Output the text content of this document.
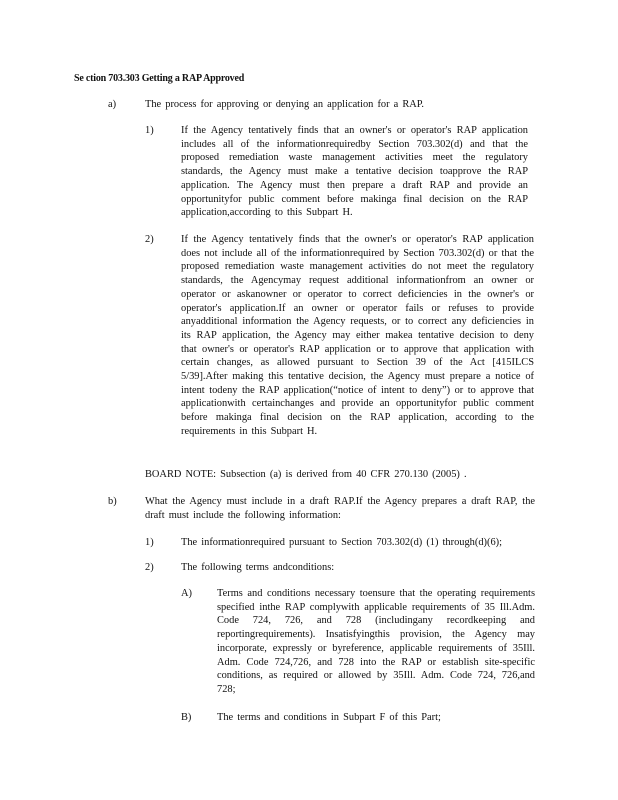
Se ction 703.303 Getting a RAP Approved
a)	The process for approving or denying an application for a RAP.
1)	If the Agency tentatively finds that an owner's or operator's RAP application includes all of the informationrequiredby Section 703.302(d) and that the proposed remediation waste management activities meet the regulatory standards, the Agency must make a tentative decision toapprove the RAP application. The Agency must then prepare a draft RAP and provide an opportunityfor public comment before makinga final decision on the RAP application,according to this Subpart H.
2)	If the Agency tentatively finds that the owner's or operator's RAP application does not include all of the informationrequired by Section 703.302(d) or that the proposed remediation waste management activities do not meet the regulatory standards, the Agencymay request additional informationfrom an owner or operator or askanowner or operator to correct deficiencies in the owner's or operator's application.If an owner or operator fails or refuses to provide anyadditional information the Agency requests, or to correct any deficiencies in its RAP application, the Agency may either makea tentative decision to deny that owner's or operator's RAP application or to approve that application with certain changes, as allowed pursuant to Section 39 of the Act [415ILCS 5/39].After making this tentative decision, the Agency must prepare a notice of intent todeny the RAP application(“notice of intent to deny”) or to approve that applicationwith certainchanges and provide an opportunityfor public comment before makinga final decision on the RAP application, according to the requirements in this Subpart H.
BOARD NOTE: Subsection (a) is derived from 40 CFR 270.130 (2005) .
b)	What the Agency must include in a draft RAP.If the Agency prepares a draft RAP, the draft must include the following information:
1)	The informationrequired pursuant to Section 703.302(d) (1) through(d)(6);
2)	The following terms andconditions:
A) Terms and conditions necessary toensure that the operating requirements specified inthe RAP complywith applicable requirements of 35 Ill.Adm. Code 724, 726, and 728 (includingany recordkeeping and reportingrequirements). Insatisfyingthis provision, the Agency may incorporate, expressly or byreference, applicable requirements of 35Ill. Adm. Code 724,726, and 728 into the RAP or establish site-specific conditions, as required or allowed by 35Ill. Adm. Code 724, 726,and 728;
B) The terms and conditions in Subpart F of this Part;
